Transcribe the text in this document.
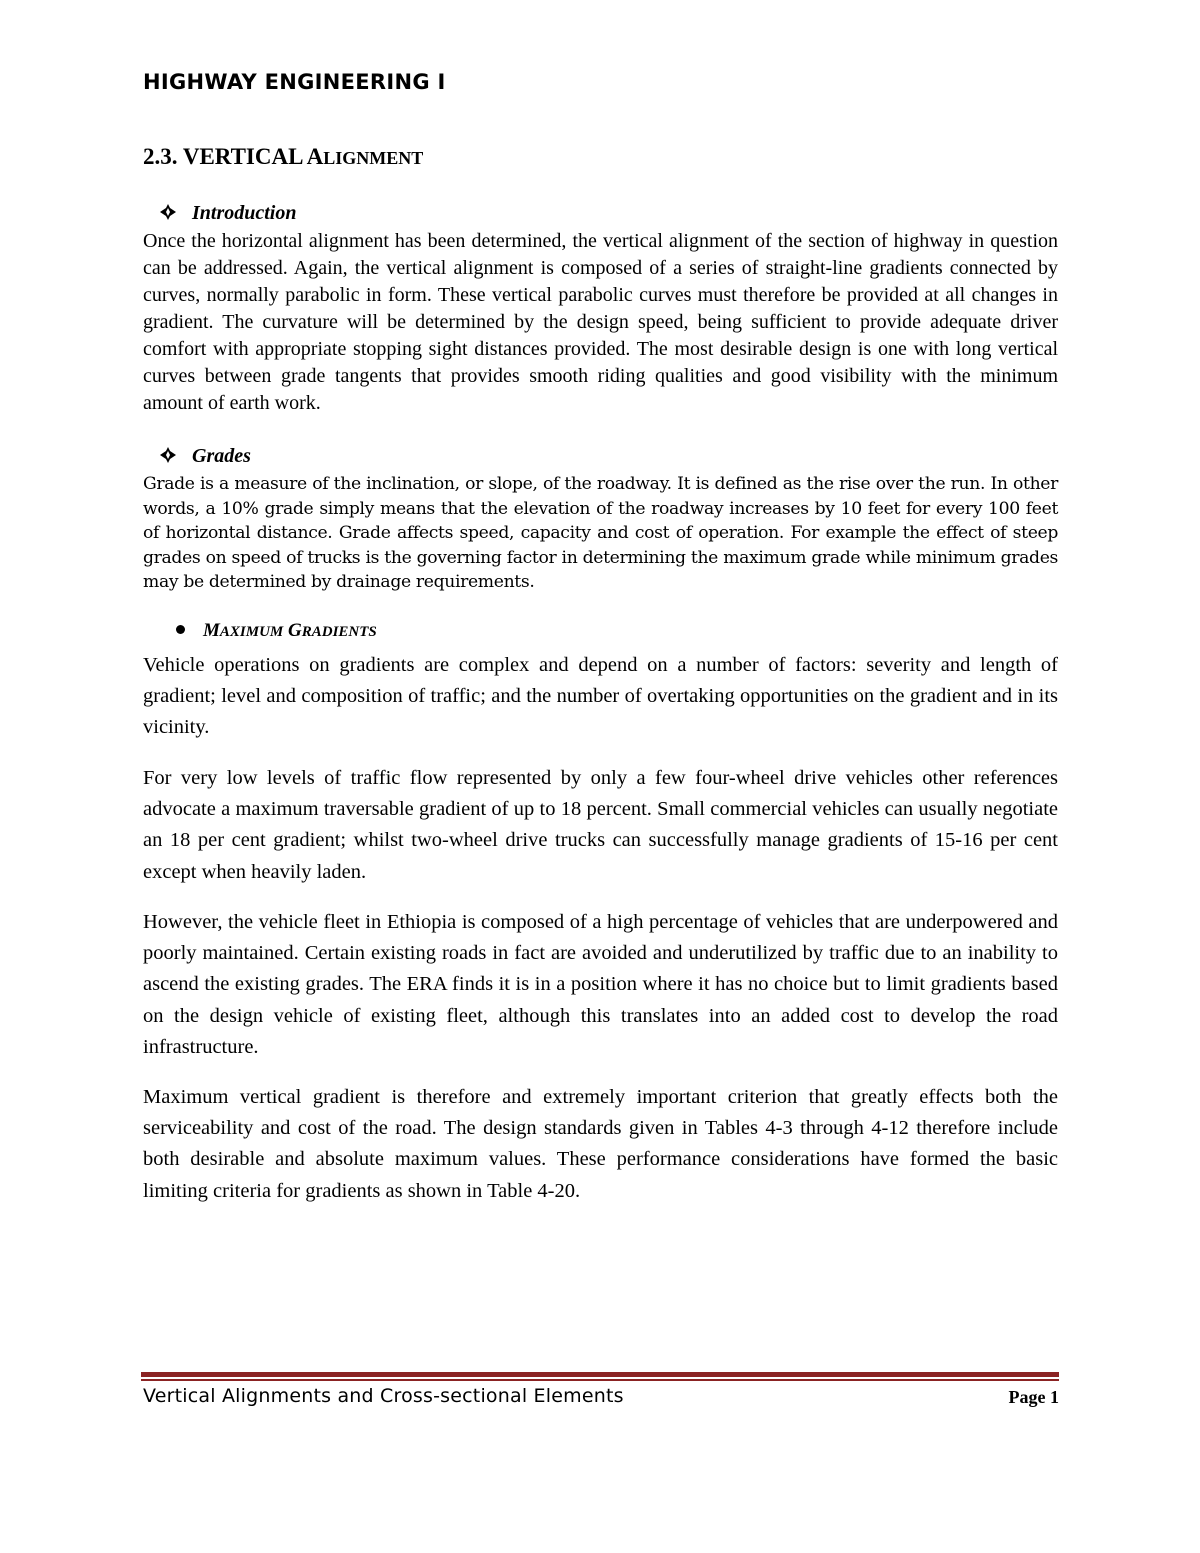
HIGHWAY ENGINEERING I
2.3. VERTICAL ALIGNMENT
Introduction

Once the horizontal alignment has been determined, the vertical alignment of the section of highway in question can be addressed. Again, the vertical alignment is composed of a series of straight-line gradients connected by curves, normally parabolic in form. These vertical parabolic curves must therefore be provided at all changes in gradient. The curvature will be determined by the design speed, being sufficient to provide adequate driver comfort with appropriate stopping sight distances provided. The most desirable design is one with long vertical curves between grade tangents that provides smooth riding qualities and good visibility with the minimum amount of earth work.

Grades

Grade is a measure of the inclination, or slope, of the roadway. It is defined as the rise over the run. In other words, a 10% grade simply means that the elevation of the roadway increases by 10 feet for every 100 feet of horizontal distance. Grade affects speed, capacity and cost of operation. For example the effect of steep grades on speed of trucks is the governing factor in determining the maximum grade while minimum grades may be determined by drainage requirements.

MAXIMUM GRADIENTS

Vehicle operations on gradients are complex and depend on a number of factors: severity and length of gradient; level and composition of traffic; and the number of overtaking opportunities on the gradient and in its vicinity.

For very low levels of traffic flow represented by only a few four-wheel drive vehicles other references advocate a maximum traversable gradient of up to 18 percent. Small commercial vehicles can usually negotiate an 18 per cent gradient; whilst two-wheel drive trucks can successfully manage gradients of 15-16 per cent except when heavily laden.

However, the vehicle fleet in Ethiopia is composed of a high percentage of vehicles that are underpowered and poorly maintained. Certain existing roads in fact are avoided and underutilized by traffic due to an inability to ascend the existing grades. The ERA finds it is in a position where it has no choice but to limit gradients based on the design vehicle of existing fleet, although this translates into an added cost to develop the road infrastructure.

Maximum vertical gradient is therefore and extremely important criterion that greatly effects both the serviceability and cost of the road. The design standards given in Tables 4-3 through 4-12 therefore include both desirable and absolute maximum values. These performance considerations have formed the basic limiting criteria for gradients as shown in Table 4-20.

Vertical Alignments and Cross-sectional Elements	Page 1
